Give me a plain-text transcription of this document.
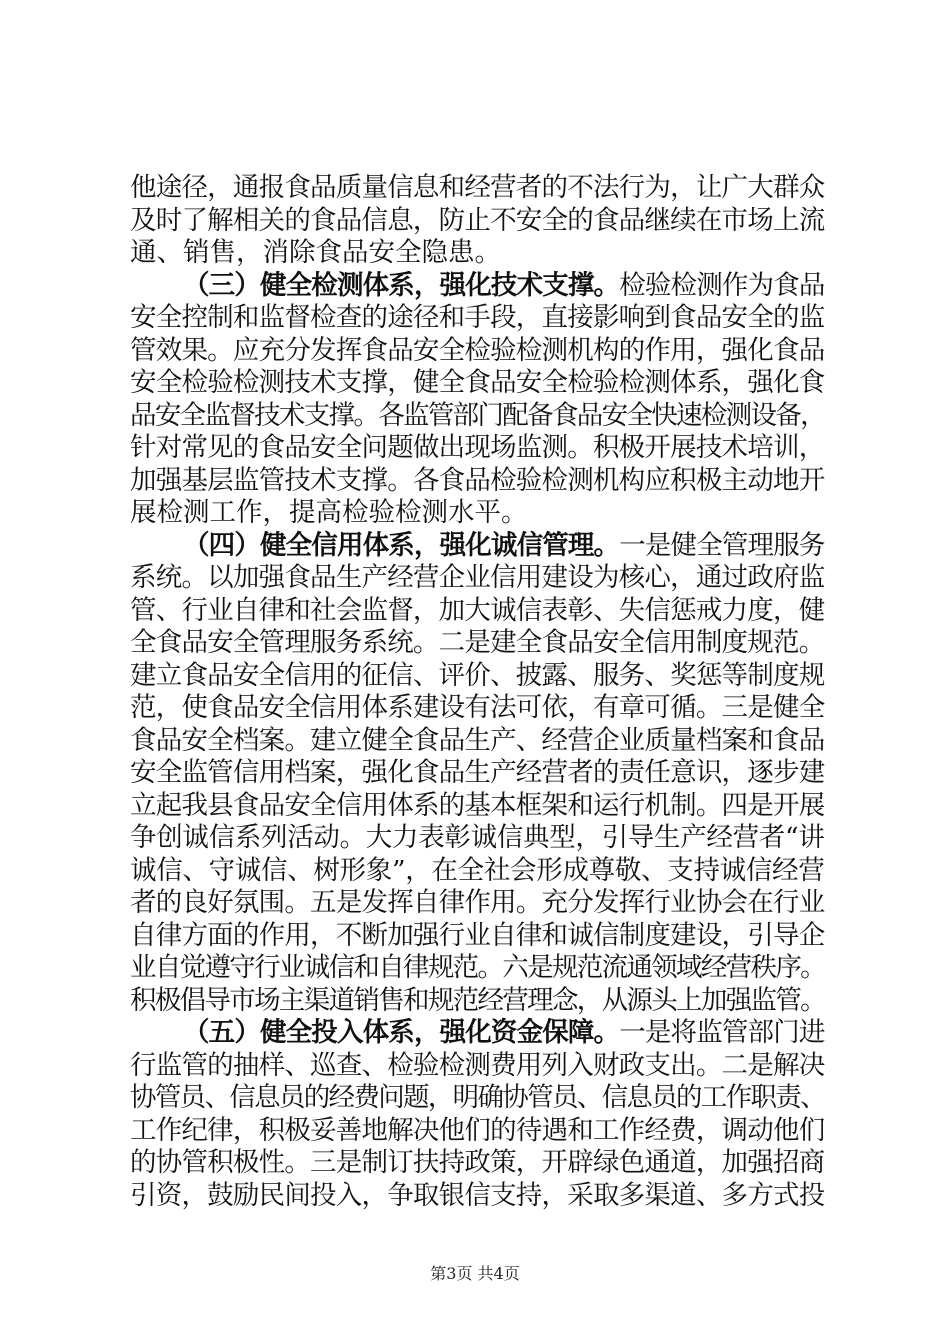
他途径，通报食品质量信息和经营者的不法行为，让广大群众
及时了解相关的食品信息，防止不安全的食品继续在市场上流
通、销售，消除食品安全隐患。
（三）健全检测体系，强化技术支撑。检验检测作为食品
安全控制和监督检查的途径和手段，直接影响到食品安全的监
管效果。应充分发挥食品安全检验检测机构的作用，强化食品
安全检验检测技术支撑，健全食品安全检验检测体系，强化食
品安全监督技术支撑。各监管部门配备食品安全快速检测设备，
针对常见的食品安全问题做出现场监测。积极开展技术培训，
加强基层监管技术支撑。各食品检验检测机构应积极主动地开
展检测工作，提高检验检测水平。
（四）健全信用体系，强化诚信管理。一是健全管理服务
系统。以加强食品生产经营企业信用建设为核心，通过政府监
管、行业自律和社会监督，加大诚信表彰、失信惩戒力度，健
全食品安全管理服务系统。二是建全食品安全信用制度规范。
建立食品安全信用的征信、评价、披露、服务、奖惩等制度规
范，使食品安全信用体系建设有法可依，有章可循。三是健全
食品安全档案。建立健全食品生产、经营企业质量档案和食品
安全监管信用档案，强化食品生产经营者的责任意识，逐步建
立起我县食品安全信用体系的基本框架和运行机制。四是开展
争创诚信系列活动。大力表彰诚信典型，引导生产经营者“讲
诚信、守诚信、树形象”，在全社会形成尊敬、支持诚信经营
者的良好氛围。五是发挥自律作用。充分发挥行业协会在行业
自律方面的作用，不断加强行业自律和诚信制度建设，引导企
业自觉遵守行业诚信和自律规范。六是规范流通领域经营秩序。
积极倡导市场主渠道销售和规范经营理念，从源头上加强监管。
（五）健全投入体系，强化资金保障。一是将监管部门进
行监管的抽样、巡查、检验检测费用列入财政支出。二是解决
协管员、信息员的经费问题，明确协管员、信息员的工作职责、
工作纪律，积极妥善地解决他们的待遇和工作经费，调动他们
的协管积极性。三是制订扶持政策，开辟绿色通道，加强招商
引资，鼓励民间投入，争取银信支持，采取多渠道、多方式投
第3页 共4页
